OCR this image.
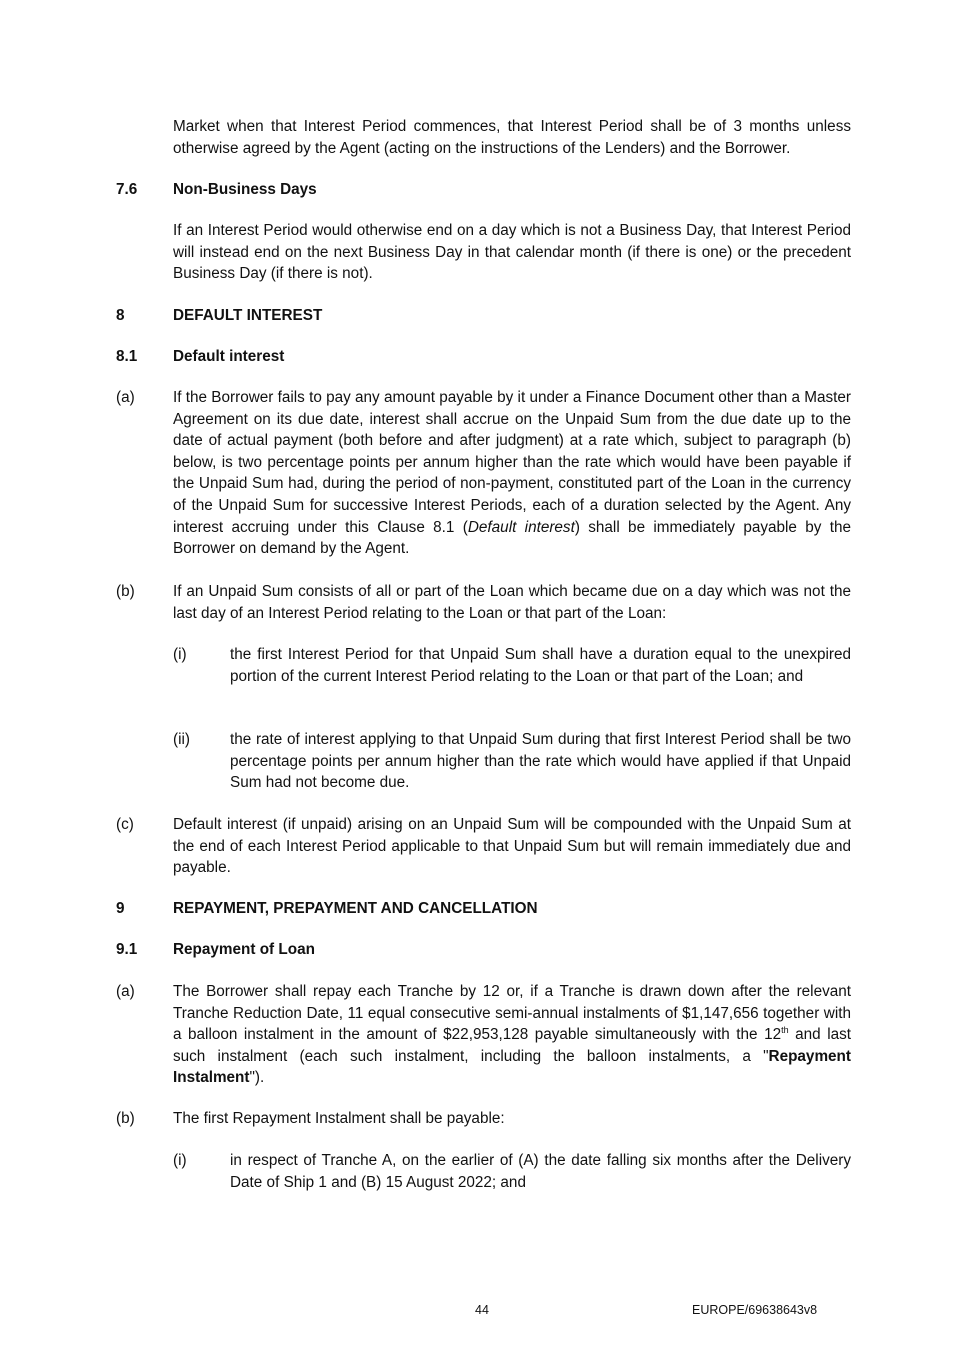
Market when that Interest Period commences, that Interest Period shall be of 3 months unless otherwise agreed by the Agent (acting on the instructions of the Lenders) and the Borrower.

7.6 Non-Business Days

If an Interest Period would otherwise end on a day which is not a Business Day, that Interest Period will instead end on the next Business Day in that calendar month (if there is one) or the precedent Business Day (if there is not).

8	DEFAULT INTEREST
8.1 Default interest
(a)	If the Borrower fails to pay any amount payable by it under a Finance Document other than a Master Agreement on its due date, interest shall accrue on the Unpaid Sum from the due date up to the date of actual payment (both before and after judgment) at a rate which, subject to paragraph (b) below, is two percentage points per annum higher than the rate which would have been payable if the Unpaid Sum had, during the period of non-payment, constituted part of the Loan in the currency of the Unpaid Sum for successive Interest Periods, each of a duration selected by the Agent. Any interest accruing under this Clause 8.1 (Default interest) shall be immediately payable by the Borrower on demand by the Agent.

(b)	If an Unpaid Sum consists of all or part of the Loan which became due on a day which was not the last day of an Interest Period relating to the Loan or that part of the Loan:

(i)	the first Interest Period for that Unpaid Sum shall have a duration equal to the unexpired portion of the current Interest Period relating to the Loan or that part of the Loan; and

(ii)	the rate of interest applying to that Unpaid Sum during that first Interest Period shall be two percentage points per annum higher than the rate which would have applied if that Unpaid Sum had not become due.

(c)	Default interest (if unpaid) arising on an Unpaid Sum will be compounded with the Unpaid Sum at the end of each Interest Period applicable to that Unpaid Sum but will remain immediately due and payable.

9	REPAYMENT, PREPAYMENT AND CANCELLATION
9.1 Repayment of Loan
(a)	The Borrower shall repay each Tranche by 12 or, if a Tranche is drawn down after the relevant Tranche Reduction Date, 11 equal consecutive semi-annual instalments of $1,147,656 together with a balloon instalment in the amount of $22,953,128 payable simultaneously with the 12th and last such instalment (each such instalment, including the balloon instalments, a "Repayment Instalment").

(b)	The first Repayment Instalment shall be payable:

(i)	in respect of Tranche A, on the earlier of (A) the date falling six months after the Delivery Date of Ship 1 and (B) 15 August 2022; and

44	EUROPE/69638643v8
